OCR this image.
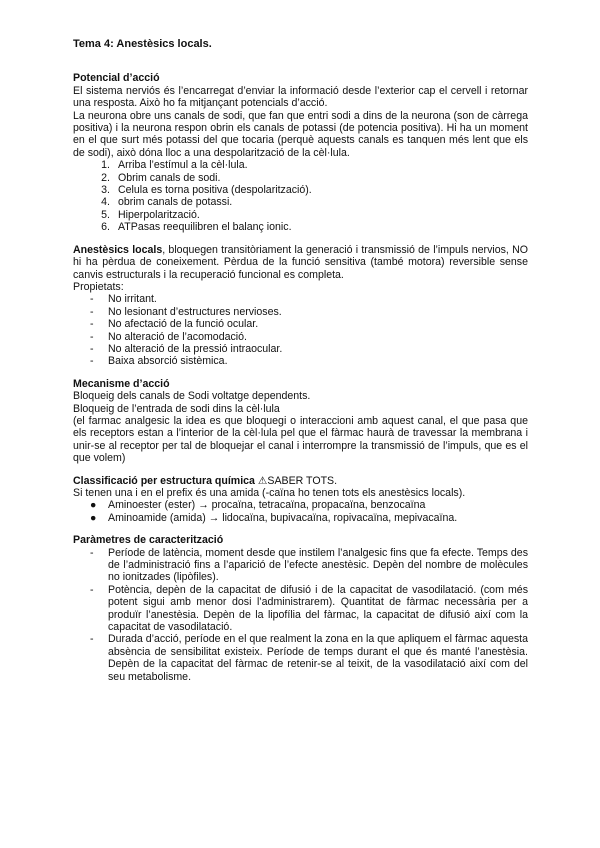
Tema 4: Anestèsics locals.

Potencial d’acció

El sistema nerviós és l’encarregat d’enviar la informació desde l’exterior cap el cervell i retornar una resposta. Això ho fa mitjançant potencials d’acció.

La neurona obre uns canals de sodi, que fan que entri sodi a dins de la neurona (son de càrrega positiva) i la neurona respon obrin els canals de potassi (de potencia positiva). Hi ha un moment en el que surt més potassi del que tocaria (perquè aquests canals es tanquen més lent que els de sodi), això dóna lloc a una despolarització de la cèl·lula.

1. Arriba l’estímul a la cèl·lula.
2. Obrim canals de sodi.
3. Celula es torna positiva (despolarització).
4. obrim canals de potassi.
5. Hiperpolarització.
6. ATPasas reequilibren el balanç ionic.

Anestèsics locals, bloquegen transitòriament la generació i transmissió de l’impuls nervios, NO hi ha pèrdua de coneixement. Pèrdua de la funció sensitiva (també motora) reversible sense canvis estructurals i la recuperació funcional es completa.

Propietats:

-	No irritant.
-	No lesionant d’estructures nervioses.
-	No afectació de la funció ocular.
-	No alteració de l’acomodació.
-	No alteració de la pressió intraocular.
-	Baixa absorció sistèmica.

Mecanisme d’acció

Bloqueig dels canals de Sodi voltatge dependents.

Bloqueig de l’entrada de sodi dins la cèl·lula

(el farmac analgesic la idea es que bloquegi o interaccioni amb aquest canal, el que pasa que els receptors estan a l’interior de la cèl·lula pel que el fàrmac haurà de travessar la membrana i unir-se al receptor per tal de bloquejar el canal i interrompre la transmissió de l’impuls, que es el que volem)

Classificació per estructura química ⚠SABER TOTS.

Si tenen una i en el prefix és una amida (-caïna ho tenen tots els anestèsics locals).

●	Aminoester (ester) → procaïna, tetracaïna, propacaïna, benzocaïna
●	Aminoamide (amida) → lidocaïna, bupivacaïna, ropivacaïna, mepivacaïna.

Paràmetres de caracterització

-	Període de latència, moment desde que instilem l’analgesic fins que fa efecte. Temps des de l’administració fins a l’aparició de l’efecte anestèsic. Depèn del nombre de molècules no ionitzades (lipòfiles).
-	Potència, depèn de la capacitat de difusió i de la capacitat de vasodilatació. (com més potent sigui amb menor dosi l’administrarem). Quantitat de fàrmac necessària per a produïr l’anestèsia. Depèn de la lipofília del fàrmac, la capacitat de difusió així com la capacitat de vasodilatació.
-	Durada d’acció, període en el que realment la zona en la que apliquem el fàrmac aquesta absència de sensibilitat existeix. Període de temps durant el que és manté l’anestèsia. Depèn de la capacitat del fàrmac de retenir-se al teixit, de la vasodilatació així com del seu metabolisme.
